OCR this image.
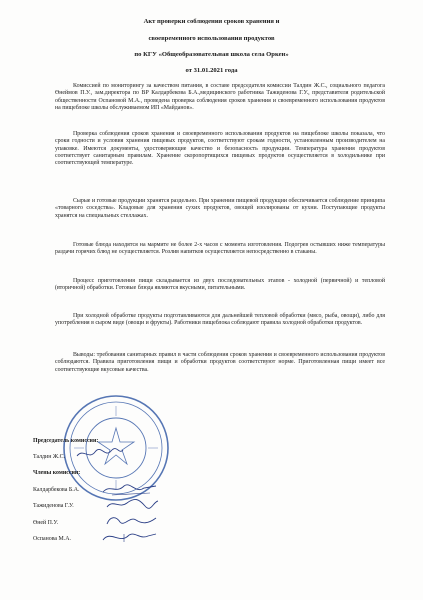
Акт проверки соблюдения сроков хранения и
своевременного использования продуктов
по КГУ «Общеобразовательная школа села Оркен»
от 31.01.2021 года

Комиссией по мониторингу за качеством питания, в составе председателя комиссии Талдин Ж.С., социального педагога Өнеймов П.У., зам.директора по ВР Калдарбекова Б.А.,медицинского работника Тажиденова Г.У., представителя родительской общественности Оспановой М.А., проведена проверка соблюдения сроков хранения и своевременного использования продуктов на пищеблоке школы обслуживаемом ИП «Майданов».

Проверка соблюдения сроков хранения и своевременного использования продуктов на пищеблоке школы показала, что сроки годности и условия хранения пищевых продуктов, соответствуют срокам годности, установленным производителем на упаковке. Имеются документы, удостоверяющие качество и безопасность продукции. Температура хранения продуктов соответствует санитарным правилам. Хранение скоропортящихся пищевых продуктов осуществляется в холодильнике при соответствующей температуре.

Сырые и готовые продукции хранятся раздельно. При хранении пищевой продукции обеспечивается соблюдение принципа «товарного соседства». Кладовые для хранения сухих продуктов, овощей изолированы от кухни. Поступающие продукты хранятся на специальных стеллажах.

Готовые блюда находятся на мармите не более 2-х часов с момента изготовления. Подогрев остывших ниже температуры раздачи горячих блюд не осуществляется. Розлив напитков осуществляется непосредственно в стаканы.

Процесс приготовления пищи складывается из двух последовательных этапов - холодной (первичной) и тепловой (вторичной) обработки. Готовые блюда являются вкусными, питательными.

При холодной обработке продукты подготавливаются для дальнейшей тепловой обработки (мясо, рыба, овощи), либо для употребления в сыром виде (овощи и фрукты). Работники пищеблока соблюдают правила холодной обработки продуктов.

Выводы: требования санитарных правил в части соблюдения сроков хранения и своевременного использования продуктов соблюдаются. Правила приготовления пищи и обработки продуктов соответствуют норме. Приготовленная пищи имеет все соответствующие вкусовые качества.

Председатель комиссии:
Талдин Ж.С.
Члены комиссии:
Калдарбекова Б.А.
Тажиденова Г.У.
Өней П.У.
Оспанова М.А.
